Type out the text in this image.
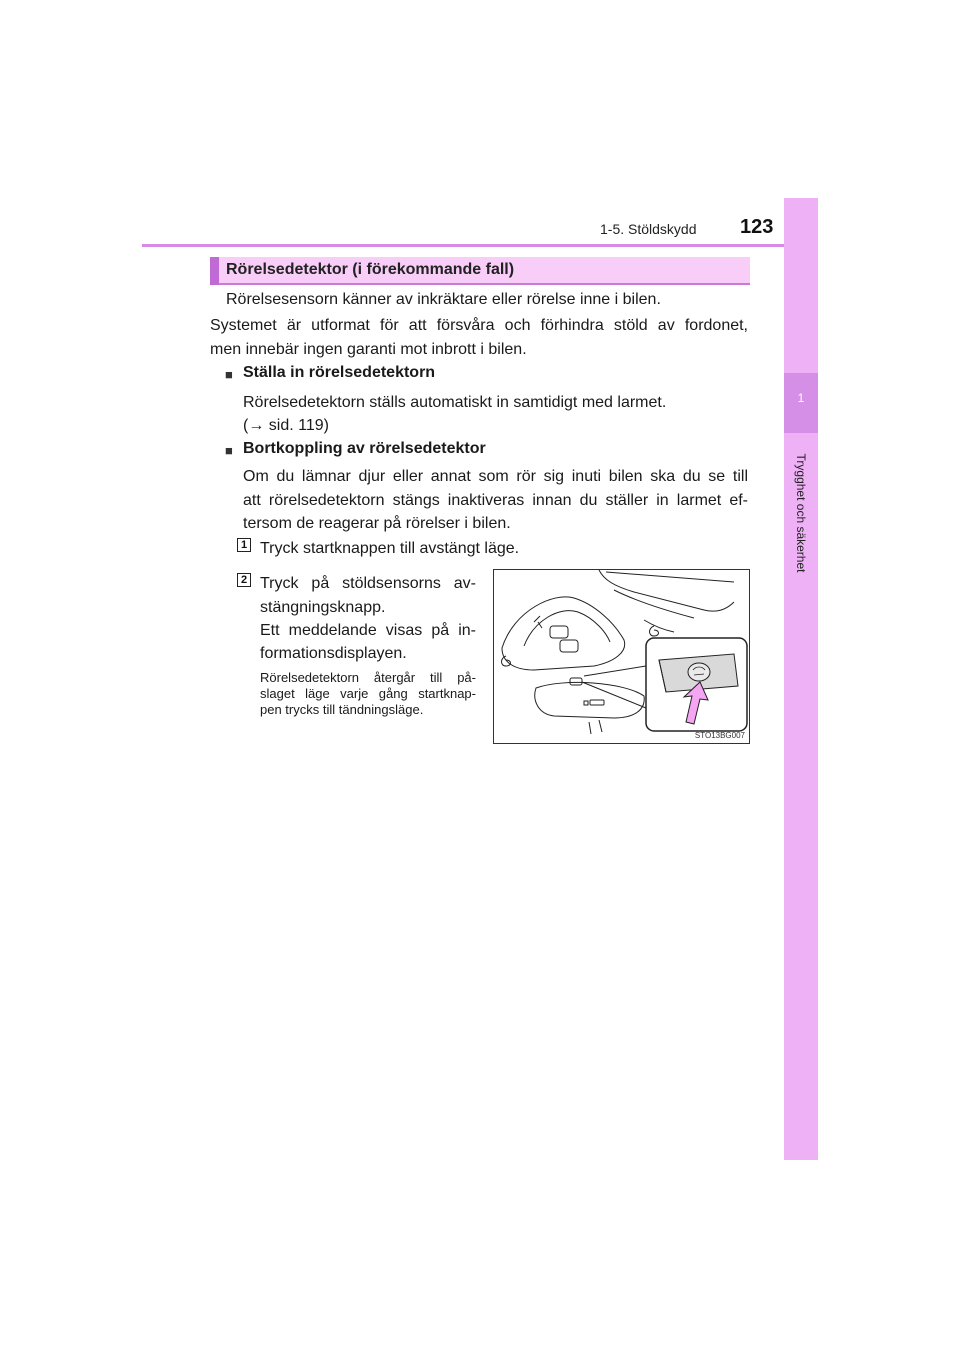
1-5. Stöldskydd 123
1
Trygghet och säkerhet
Rörelsedetektor (i förekommande fall)
Rörelsesensorn känner av inkräktare eller rörelse inne i bilen.
Systemet är utformat för att försvåra och förhindra stöld av fordonet,
men innebär ingen garanti mot inbrott i bilen.
■ Ställa in rörelsedetektorn
Rörelsedetektorn ställs automatiskt in samtidigt med larmet.
(→ sid. 119)
■ Bortkoppling av rörelsedetektor
Om du lämnar djur eller annat som rör sig inuti bilen ska du se till
att rörelsedetektorn stängs inaktiveras innan du ställer in larmet ef-
tersom de reagerar på rörelser i bilen.
1 Tryck startknappen till avstängt läge.
2 Tryck på stöldsensorns av-
stängningsknapp.
Ett meddelande visas på in-
formationsdisplayen.
Rörelsedetektorn återgår till på-
slaget läge varje gång startknap-
pen trycks till tändningsläge.
STO13BG007
